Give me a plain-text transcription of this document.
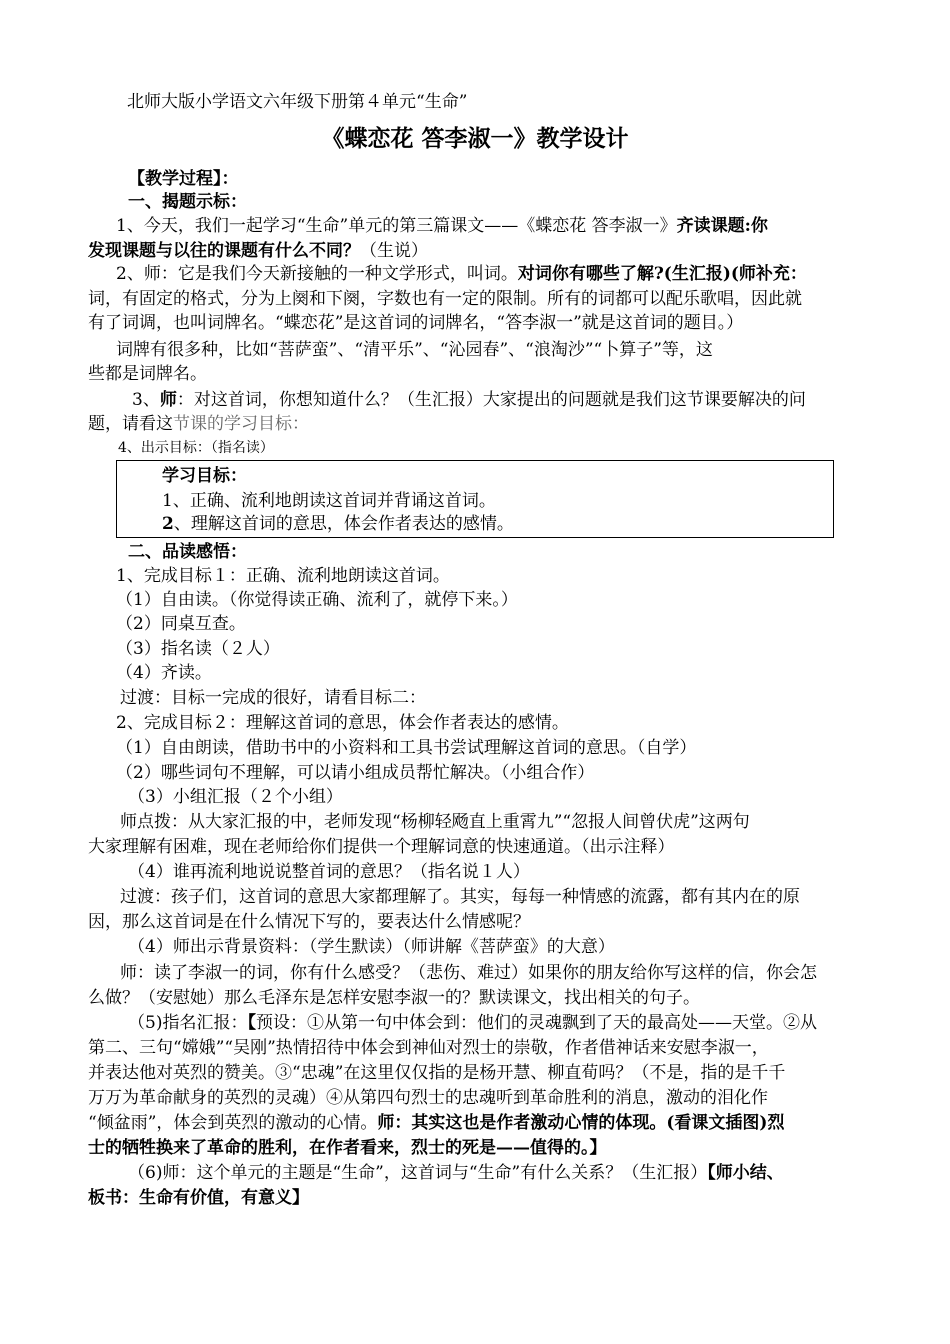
北师大版小学语文六年级下册第４单元“生命”
《蝶恋花 答李淑一》教学设计
【教学过程】：
一、揭题示标：
1、今天，我们一起学习“生命”单元的第三篇课文——《蝶恋花 答李淑一》齐读课题:你
发现课题与以往的课题有什么不同？（生说）
2、师：它是我们今天新接触的一种文学形式，叫词。对词你有哪些了解?(生汇报)(师补充：
词，有固定的格式，分为上阕和下阕，字数也有一定的限制。所有的词都可以配乐歌唱，因此就
有了词调，也叫词牌名。“蝶恋花”是这首词的词牌名，“答李淑一”就是这首词的题目。）
词牌有很多种，比如“菩萨蛮”、“清平乐”、“沁园春”、“浪淘沙”“卜算子”等，这
些都是词牌名。
3、师：对这首词，你想知道什么？（生汇报）大家提出的问题就是我们这节课要解决的问
题，请看这节课的学习目标：
4、出示目标：（指名读）
学习目标：
1、正确、流利地朗读这首词并背诵这首词。
2、理解这首词的意思，体会作者表达的感情。
二、品读感悟：
1、完成目标１：正确、流利地朗读这首词。
（1）自由读。（你觉得读正确、流利了，就停下来。）
（2）同桌互查。
（3）指名读（２人）
（4）齐读。
过渡：目标一完成的很好，请看目标二：
2、完成目标２：理解这首词的意思，体会作者表达的感情。
（1）自由朗读，借助书中的小资料和工具书尝试理解这首词的意思。（自学）
（2）哪些词句不理解，可以请小组成员帮忙解决。（小组合作）
（3）小组汇报（２个小组）
师点拨：从大家汇报的中，老师发现“杨柳轻飏直上重霄九”“忽报人间曾伏虎”这两句
大家理解有困难，现在老师给你们提供一个理解词意的快速通道。（出示注释）
（4）谁再流利地说说整首词的意思？（指名说１人）
过渡：孩子们，这首词的意思大家都理解了。其实，每每一种情感的流露，都有其内在的原
因，那么这首词是在什么情况下写的，要表达什么情感呢？
（4）师出示背景资料：（学生默读）（师讲解《菩萨蛮》的大意）
师：读了李淑一的词，你有什么感受？（悲伤、难过）如果你的朋友给你写这样的信，你会怎
么做？（安慰她）那么毛泽东是怎样安慰李淑一的？默读课文，找出相关的句子。
（5)指名汇报：【预设：①从第一句中体会到：他们的灵魂飘到了天的最高处——天堂。②从
第二、三句“嫦娥”“吴刚”热情招待中体会到神仙对烈士的崇敬，作者借神话来安慰李淑一，
并表达他对英烈的赞美。③“忠魂”在这里仅仅指的是杨开慧、柳直荀吗？（不是，指的是千千
万万为革命献身的英烈的灵魂）④从第四句烈士的忠魂听到革命胜利的消息，激动的泪化作
“倾盆雨”，体会到英烈的激动的心情。师：其实这也是作者激动心情的体现。(看课文插图)烈
士的牺牲换来了革命的胜利，在作者看来，烈士的死是——值得的。】
（6)师：这个单元的主题是“生命”，这首词与“生命”有什么关系？（生汇报）【师小结、
板书：生命有价值，有意义】
